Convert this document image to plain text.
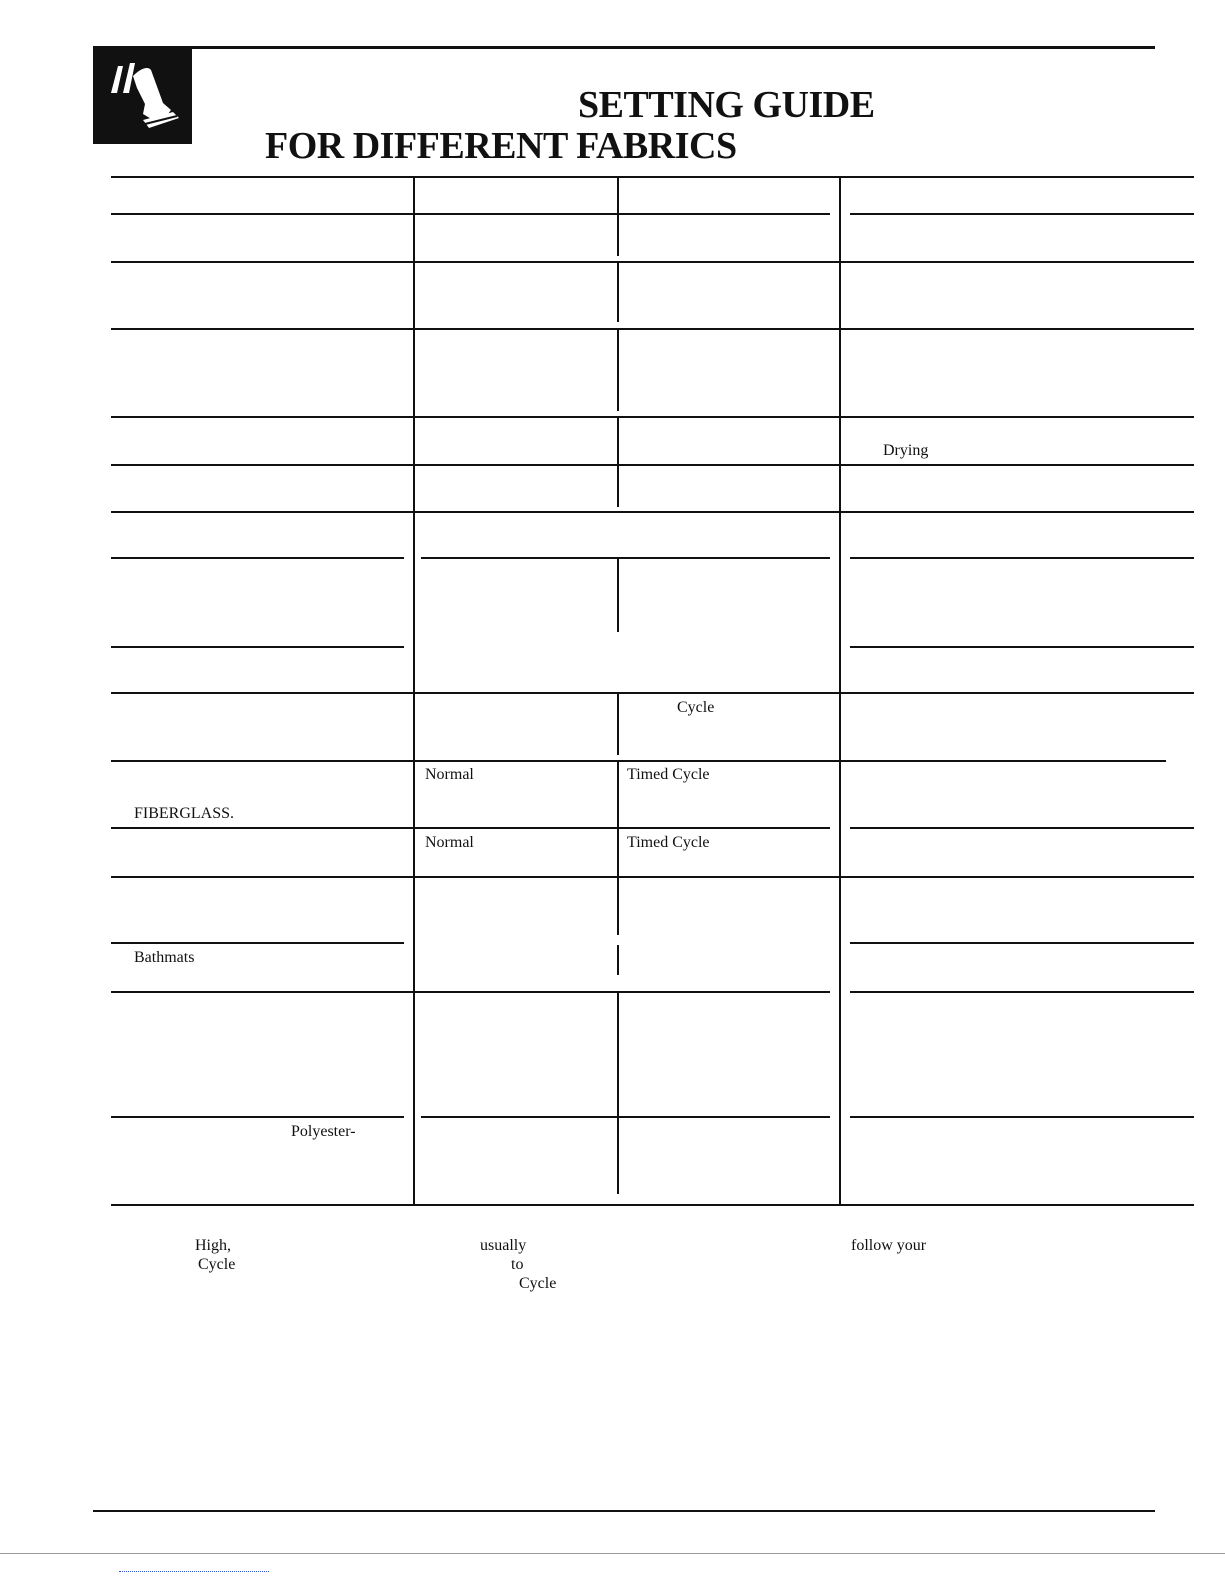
SETTING GUIDE
FOR DIFFERENT FABRICS
Drying
Cycle
FIBERGLASS.
Normal	Timed Cycle
Normal	Timed Cycle
Bathmats
Polyester-
High,
Cycle
usually
to
Cycle
follow your
